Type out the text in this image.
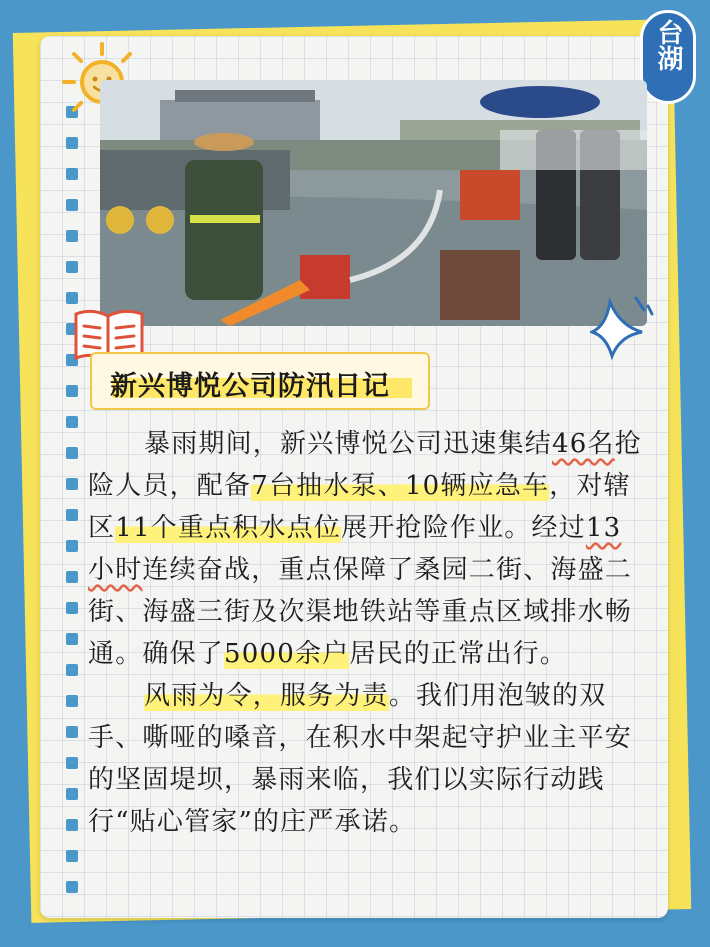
台湖
新兴博悦公司防汛日记

暴雨期间，新兴博悦公司迅速集结46名抢险人员，配备7台抽水泵、10辆应急车，对辖区11个重点积水点位展开抢险作业。经过13小时连续奋战，重点保障了桑园二街、海盛二街、海盛三街及次渠地铁站等重点区域排水畅通。确保了5000余户居民的正常出行。

风雨为令，服务为责。我们用泡皱的双手、嘶哑的嗓音，在积水中架起守护业主平安的坚固堤坝，暴雨来临，我们以实际行动践行“贴心管家”的庄严承诺。
